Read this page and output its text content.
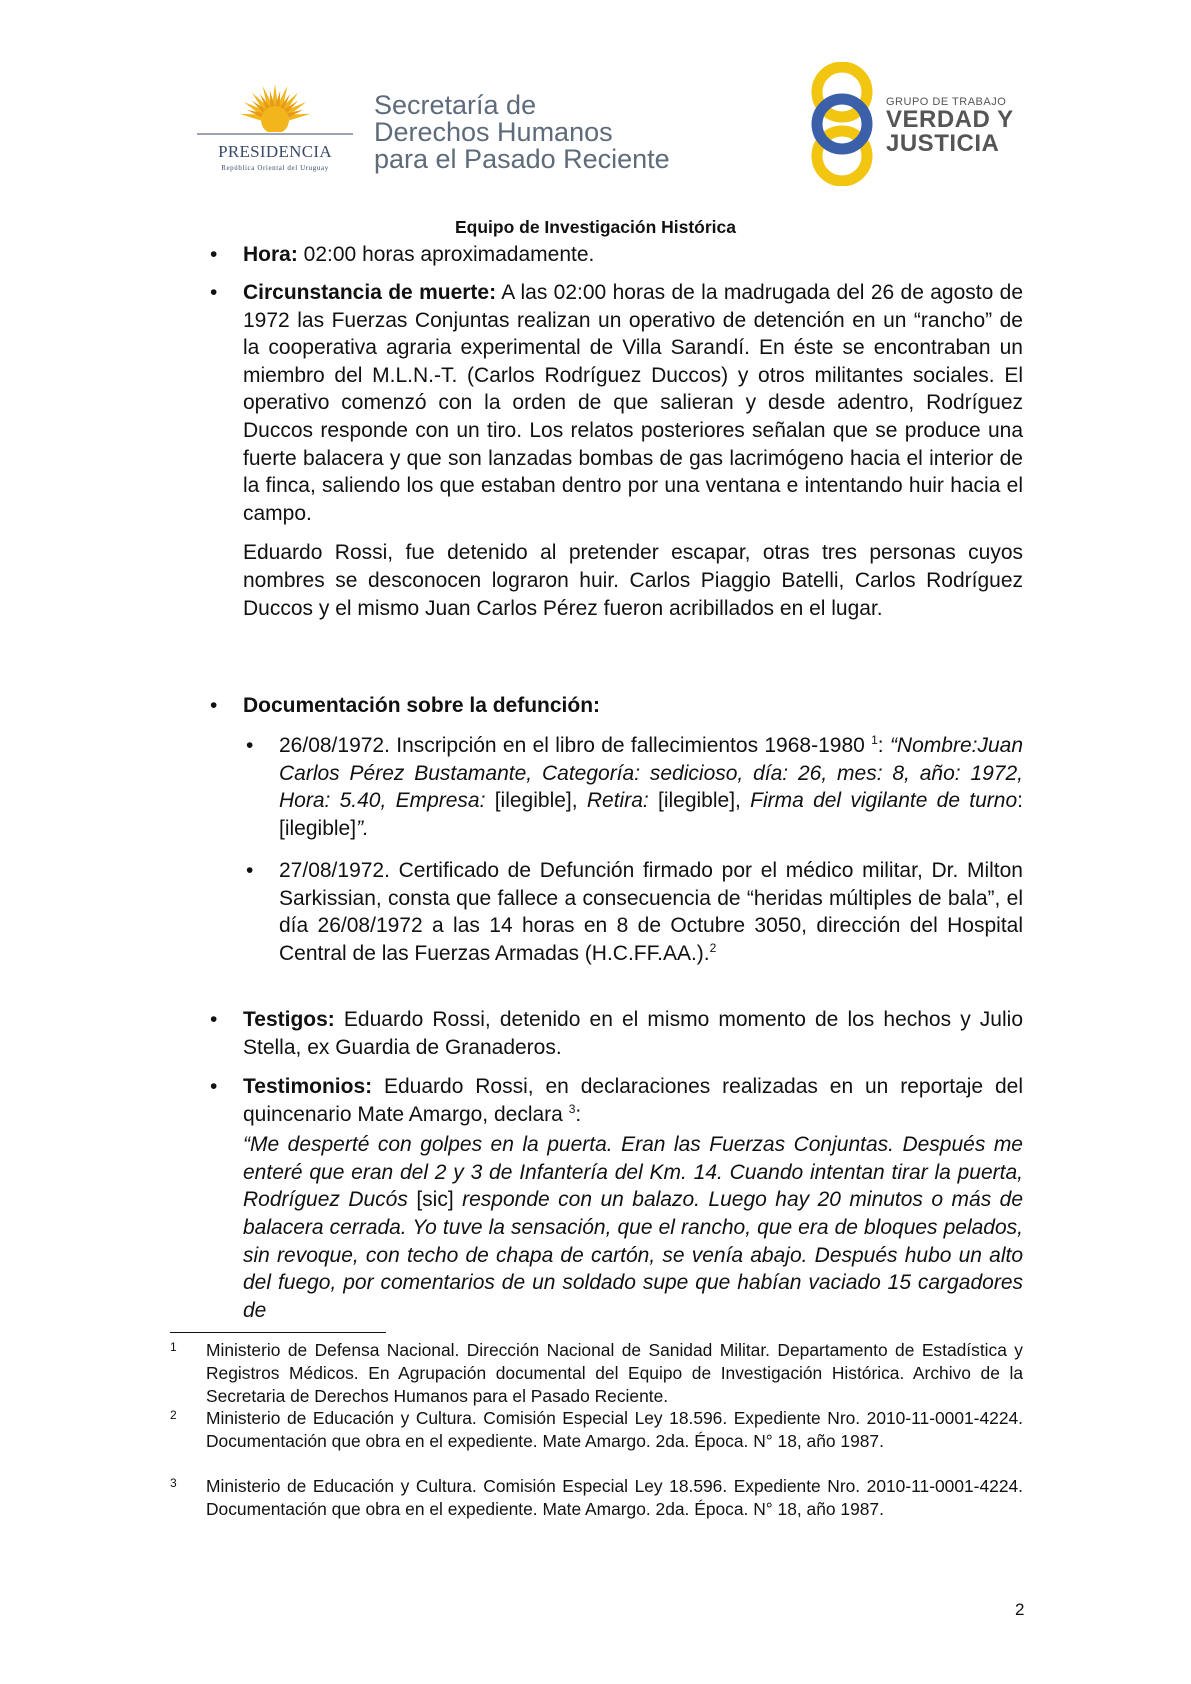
PRESIDENCIA
República Oriental del Uruguay
Secretaría de
Derechos Humanos
para el Pasado Reciente
GRUPO DE TRABAJO
VERDAD Y
JUSTICIA
Equipo de Investigación Histórica
• Hora: 02:00 horas aproximadamente.

• Circunstancia de muerte: A las 02:00 horas de la madrugada del 26 de agosto de 1972 las Fuerzas Conjuntas realizan un operativo de detención en un “rancho” de la cooperativa agraria experimental de Villa Sarandí. En éste se encontraban un miembro del M.L.N.-T. (Carlos Rodríguez Duccos) y otros militantes sociales. El operativo comenzó con la orden de que salieran y desde adentro, Rodríguez Duccos responde con un tiro. Los relatos posteriores señalan que se produce una fuerte balacera y que son lanzadas bombas de gas lacrimógeno hacia el interior de la finca, saliendo los que estaban dentro por una ventana e intentando huir hacia el campo.

Eduardo Rossi, fue detenido al pretender escapar, otras tres personas cuyos nombres se desconocen lograron huir. Carlos Piaggio Batelli, Carlos Rodríguez Duccos y el mismo Juan Carlos Pérez fueron acribillados en el lugar.

• Documentación sobre la defunción:
• 26/08/1972. Inscripción en el libro de fallecimientos 1968-1980 $^1$: “Nombre:Juan Carlos Pérez Bustamante, Categoría: sedicioso, día: 26, mes: 8, año: 1972, Hora: 5.40, Empresa: [ilegible], Retira: [ilegible], Firma del vigilante de turno: [ilegible]”.

• 27/08/1972. Certificado de Defunción firmado por el médico militar, Dr. Milton Sarkissian, consta que fallece a consecuencia de “heridas múltiples de bala”, el día 26/08/1972 a las 14 horas en 8 de Octubre 3050, dirección del Hospital Central de las Fuerzas Armadas (H.C.FF.AA.).$^2$

• Testigos: Eduardo Rossi, detenido en el mismo momento de los hechos y Julio Stella, ex Guardia de Granaderos.

• Testimonios: Eduardo Rossi, en declaraciones realizadas en un reportaje del quincenario Mate Amargo, declara $^3$:

“Me desperté con golpes en la puerta. Eran las Fuerzas Conjuntas. Después me enteré que eran del 2 y 3 de Infantería del Km. 14. Cuando intentan tirar la puerta, Rodríguez Ducós [sic] responde con un balazo. Luego hay 20 minutos o más de balacera cerrada. Yo tuve la sensación, que el rancho, que era de bloques pelados, sin revoque, con techo de chapa de cartón, se venía abajo. Después hubo un alto del fuego, por comentarios de un soldado supe que habían vaciado 15 cargadores de

1 Ministerio de Defensa Nacional. Dirección Nacional de Sanidad Militar. Departamento de Estadística y Registros Médicos. En Agrupación documental del Equipo de Investigación Histórica. Archivo de la Secretaria de Derechos Humanos para el Pasado Reciente.
2 Ministerio de Educación y Cultura. Comisión Especial Ley 18.596. Expediente Nro. 2010-11-0001-4224. Documentación que obra en el expediente. Mate Amargo. 2da. Época. N° 18, año 1987.
3 Ministerio de Educación y Cultura. Comisión Especial Ley 18.596. Expediente Nro. 2010-11-0001-4224. Documentación que obra en el expediente. Mate Amargo. 2da. Época. N° 18, año 1987.
2
